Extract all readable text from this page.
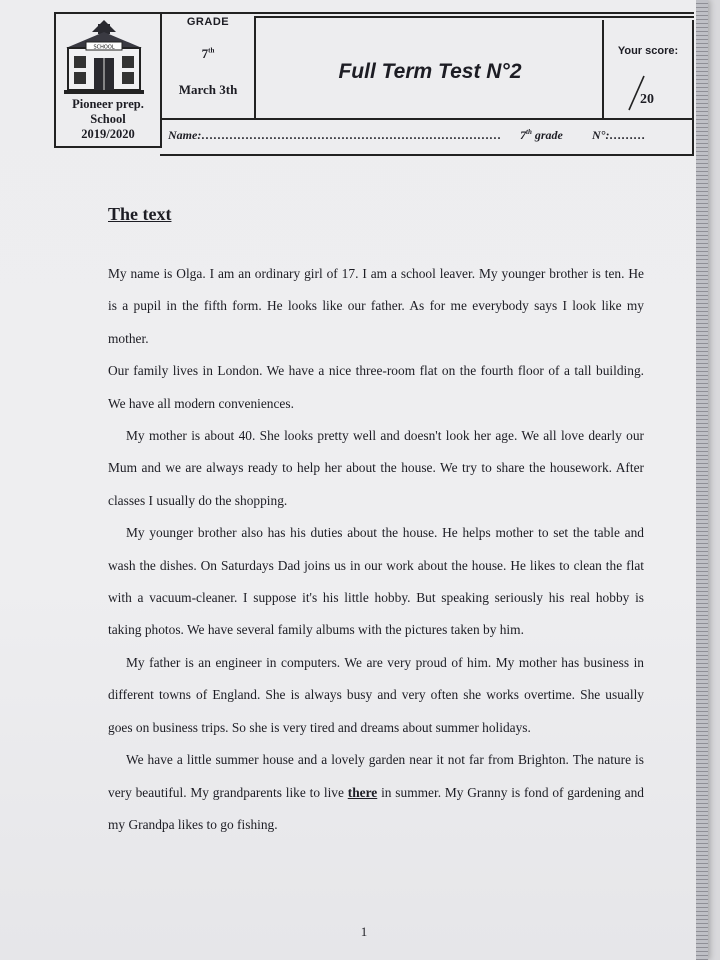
SCHOOL
GRADE
7th
March 3th
Full Term Test N°2
Your score:
20
Pioneer prep.
School
2019/2020	Name:…………………………………………………………………	7th grade N°:………
The text

My name is Olga. I am an ordinary girl of 17. I am a school leaver. My younger brother is ten. He is a pupil in the fifth form. He looks like our father. As for me everybody says I look like my mother.

Our family lives in London. We have a nice three-room flat on the fourth floor of a tall building. We have all modern conveniences.

My mother is about 40. She looks pretty well and doesn't look her age. We all love dearly our Mum and we are always ready to help her about the house. We try to share the housework. After classes I usually do the shopping.

My younger brother also has his duties about the house. He helps mother to set the table and wash the dishes. On Saturdays Dad joins us in our work about the house. He likes to clean the flat with a vacuum-cleaner. I suppose it's his little hobby. But speaking seriously his real hobby is taking photos. We have several family albums with the pictures taken by him.

My father is an engineer in computers. We are very proud of him. My mother has business in different towns of England. She is always busy and very often she works overtime. She usually goes on business trips. So she is very tired and dreams about summer holidays.

We have a little summer house and a lovely garden near it not far from Brighton. The nature is very beautiful. My grandparents like to live there in summer. My Granny is fond of gardening and my Grandpa likes to go fishing.

1
